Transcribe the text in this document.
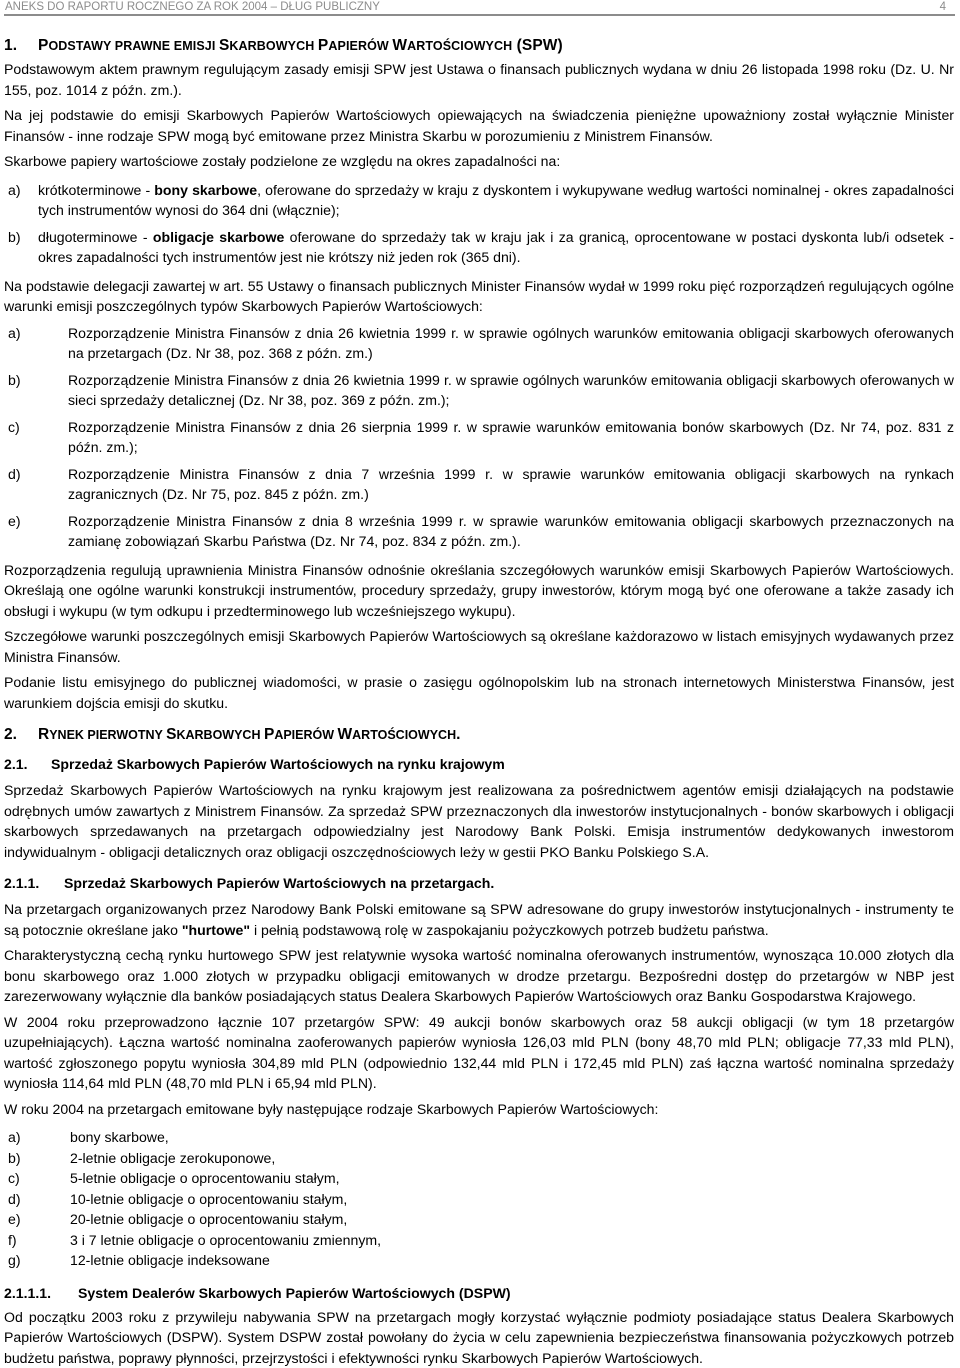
ANEKS DO RAPORTU ROCZNEGO ZA ROK 2004 – DŁUG PUBLICZNY	4
1. PODSTAWY PRAWNE EMISJI SKARBOWYCH PAPIERÓW WARTOŚCIOWYCH (SPW)

Podstawowym aktem prawnym regulującym zasady emisji SPW jest Ustawa o finansach publicznych wydana w dniu 26 listopada 1998 roku (Dz. U. Nr 155, poz. 1014 z późn. zm.).

Na jej podstawie do emisji Skarbowych Papierów Wartościowych opiewających na świadczenia pieniężne upoważniony został wyłącznie Minister Finansów - inne rodzaje SPW mogą być emitowane przez Ministra Skarbu w porozumieniu z Ministrem Finansów.

Skarbowe papiery wartościowe zostały podzielone ze względu na okres zapadalności na:

a)	krótkoterminowe - bony skarbowe, oferowane do sprzedaży w kraju z dyskontem i wykupywane według wartości nominalnej - okres zapadalności tych instrumentów wynosi do 364 dni (włącznie);
b)	długoterminowe - obligacje skarbowe oferowane do sprzedaży tak w kraju jak i za granicą, oprocentowane w postaci dyskonta lub/i odsetek - okres zapadalności tych instrumentów jest nie krótszy niż jeden rok (365 dni).

Na podstawie delegacji zawartej w art. 55 Ustawy o finansach publicznych Minister Finansów wydał w 1999 roku pięć rozporządzeń regulujących ogólne warunki emisji poszczególnych typów Skarbowych Papierów Wartościowych:

a)	Rozporządzenie Ministra Finansów z dnia 26 kwietnia 1999 r. w sprawie ogólnych warunków emitowania obligacji skarbowych oferowanych na przetargach (Dz. Nr 38, poz. 368 z późn. zm.)
b)	Rozporządzenie Ministra Finansów z dnia 26 kwietnia 1999 r. w sprawie ogólnych warunków emitowania obligacji skarbowych oferowanych w sieci sprzedaży detalicznej (Dz. Nr 38, poz. 369 z późn. zm.);
c)	Rozporządzenie Ministra Finansów z dnia 26 sierpnia 1999 r. w sprawie warunków emitowania bonów skarbowych (Dz. Nr 74, poz. 831 z późn. zm.);
d)	Rozporządzenie Ministra Finansów z dnia 7 września 1999 r. w sprawie warunków emitowania obligacji skarbowych na rynkach zagranicznych (Dz. Nr 75, poz. 845 z późn. zm.)
e)	Rozporządzenie Ministra Finansów z dnia 8 września 1999 r. w sprawie warunków emitowania obligacji skarbowych przeznaczonych na zamianę zobowiązań Skarbu Państwa (Dz. Nr 74, poz. 834 z późn. zm.).

Rozporządzenia regulują uprawnienia Ministra Finansów odnośnie określania szczegółowych warunków emisji Skarbowych Papierów Wartościowych. Określają one ogólne warunki konstrukcji instrumentów, procedury sprzedaży, grupy inwestorów, którym mogą być one oferowane a także zasady ich obsługi i wykupu (w tym odkupu i przedterminowego lub wcześniejszego wykupu).

Szczegółowe warunki poszczególnych emisji Skarbowych Papierów Wartościowych są określane każdorazowo w listach emisyjnych wydawanych przez Ministra Finansów.

Podanie listu emisyjnego do publicznej wiadomości, w prasie o zasięgu ogólnopolskim lub na stronach internetowych Ministerstwa Finansów, jest warunkiem dojścia emisji do skutku.

2. RYNEK PIERWOTNY SKARBOWYCH PAPIERÓW WARTOŚCIOWYCH.
2.1. Sprzedaż Skarbowych Papierów Wartościowych na rynku krajowym

Sprzedaż Skarbowych Papierów Wartościowych na rynku krajowym jest realizowana za pośrednictwem agentów emisji działających na podstawie odrębnych umów zawartych z Ministrem Finansów. Za sprzedaż SPW przeznaczonych dla inwestorów instytucjonalnych - bonów skarbowych i obligacji skarbowych sprzedawanych na przetargach odpowiedzialny jest Narodowy Bank Polski. Emisja instrumentów dedykowanych inwestorom indywidualnym - obligacji detalicznych oraz obligacji oszczędnościowych leży w gestii PKO Banku Polskiego S.A.

2.1.1. Sprzedaż Skarbowych Papierów Wartościowych na przetargach.

Na przetargach organizowanych przez Narodowy Bank Polski emitowane są SPW adresowane do grupy inwestorów instytucjonalnych - instrumenty te są potocznie określane jako "hurtowe" i pełnią podstawową rolę w zaspokajaniu pożyczkowych potrzeb budżetu państwa.

Charakterystyczną cechą rynku hurtowego SPW jest relatywnie wysoka wartość nominalna oferowanych instrumentów, wynosząca 10.000 złotych dla bonu skarbowego oraz 1.000 złotych w przypadku obligacji emitowanych w drodze przetargu. Bezpośredni dostęp do przetargów w NBP jest zarezerwowany wyłącznie dla banków posiadających status Dealera Skarbowych Papierów Wartościowych oraz Banku Gospodarstwa Krajowego.

W 2004 roku przeprowadzono łącznie 107 przetargów SPW: 49 aukcji bonów skarbowych oraz 58 aukcji obligacji (w tym 18 przetargów uzupełniających). Łączna wartość nominalna zaoferowanych papierów wyniosła 126,03 mld PLN (bony 48,70 mld PLN; obligacje 77,33 mld PLN), wartość zgłoszonego popytu wyniosła 304,89 mld PLN (odpowiednio 132,44 mld PLN i 172,45 mld PLN) zaś łączna wartość nominalna sprzedaży wyniosła 114,64 mld PLN (48,70 mld PLN i 65,94 mld PLN).

W roku 2004 na przetargach emitowane były następujące rodzaje Skarbowych Papierów Wartościowych:

a)	bony skarbowe,
b)	2-letnie obligacje zerokuponowe,
c)	5-letnie obligacje o oprocentowaniu stałym,
d)	10-letnie obligacje o oprocentowaniu stałym,
e)	20-letnie obligacje o oprocentowaniu stałym,
f)	3 i 7 letnie obligacje o oprocentowaniu zmiennym,
g)	12-letnie obligacje indeksowane
2.1.1.1. System Dealerów Skarbowych Papierów Wartościowych (DSPW)

Od początku 2003 roku z przywileju nabywania SPW na przetargach mogły korzystać wyłącznie podmioty posiadające status Dealera Skarbowych Papierów Wartościowych (DSPW). System DSPW został powołany do życia w celu zapewnienia bezpieczeństwa finansowania pożyczkowych potrzeb budżetu państwa, poprawy płynności, przejrzystości i efektywności rynku Skarbowych Papierów Wartościowych.
